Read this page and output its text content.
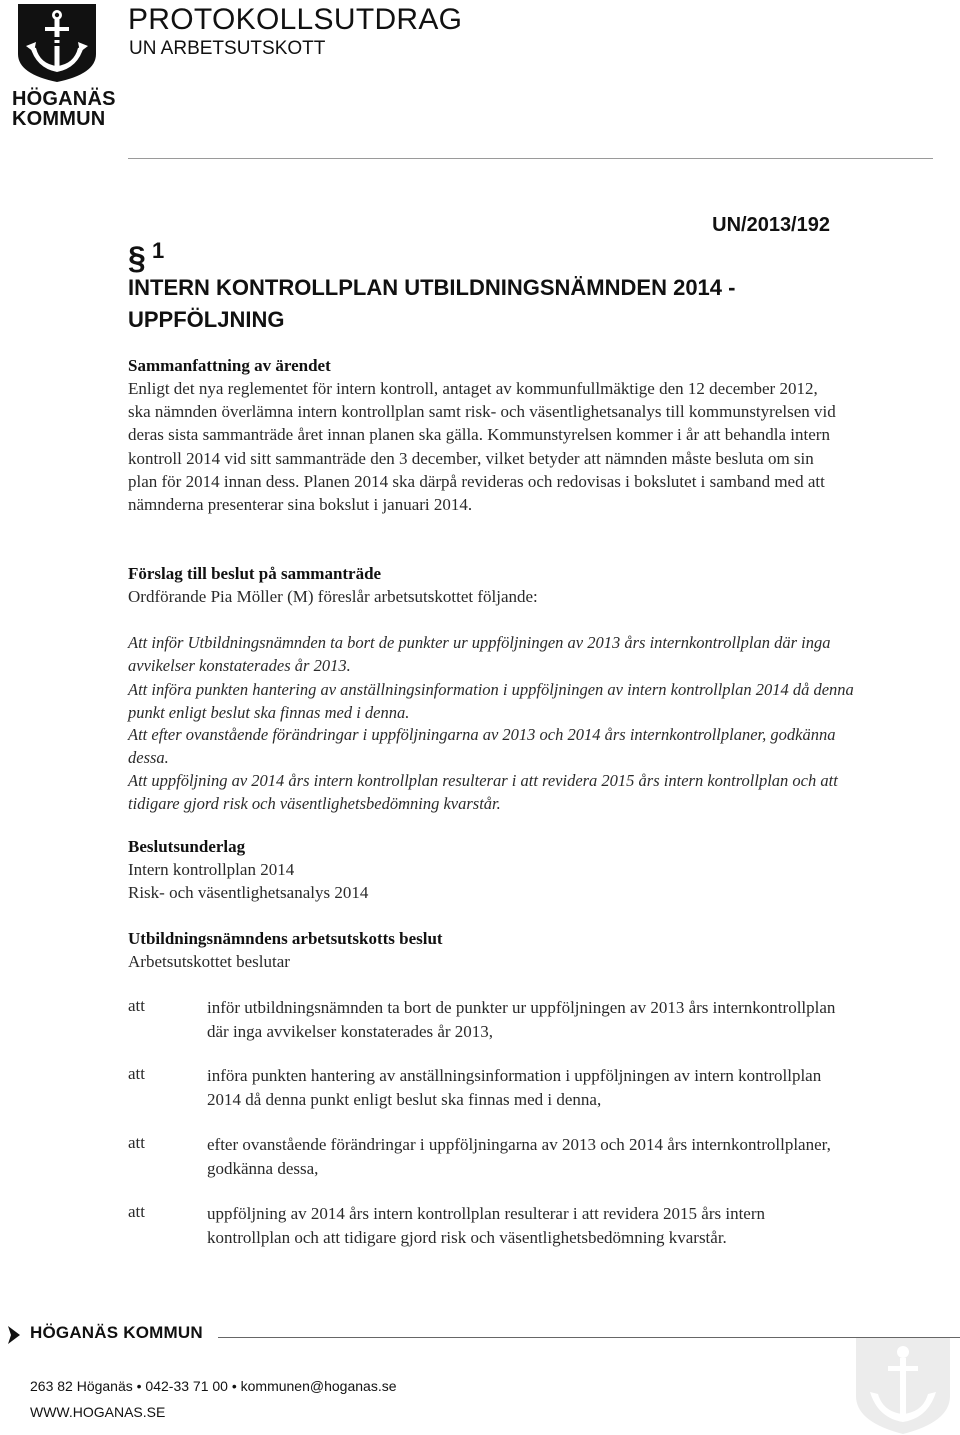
HÖGANÄS
KOMMUN
PROTOKOLLSUTDRAG
UN ARBETSUTSKOTT
UN/2013/192
§ 1
INTERN KONTROLLPLAN UTBILDNINGSNÄMNDEN 2014 - UPPFÖLJNING
Sammanfattning av ärendet
Enligt det nya reglementet för intern kontroll, antaget av kommunfullmäktige den 12 december 2012, ska nämnden överlämna intern kontrollplan samt risk- och väsentlighetsanalys till kommunstyrelsen vid deras sista sammanträde året innan planen ska gälla. Kommunstyrelsen kommer i år att behandla intern kontroll 2014 vid sitt sammanträde den 3 december, vilket betyder att nämnden måste besluta om sin plan för 2014 innan dess. Planen 2014 ska därpå revideras och redovisas i bokslutet i samband med att nämnderna presenterar sina bokslut i januari 2014.
Förslag till beslut på sammanträde
Ordförande Pia Möller (M) föreslår arbetsutskottet följande:
Att inför Utbildningsnämnden ta bort de punkter ur uppföljningen av 2013 års internkontrollplan där inga avvikelser konstaterades år 2013.
Att införa punkten hantering av anställningsinformation i uppföljningen av intern kontrollplan 2014 då denna punkt enligt beslut ska finnas med i denna.
Att efter ovanstående förändringar i uppföljningarna av 2013 och 2014 års internkontrollplaner, godkänna dessa.
Att uppföljning av 2014 års intern kontrollplan resulterar i att revidera 2015 års intern kontrollplan och att tidigare gjord risk och väsentlighetsbedömning kvarstår.
Beslutsunderlag
Intern kontrollplan 2014
Risk- och väsentlighetsanalys 2014
Utbildningsnämndens arbetsutskotts beslut
Arbetsutskottet beslutar
att	inför utbildningsnämnden ta bort de punkter ur uppföljningen av 2013 års internkontrollplan där inga avvikelser konstaterades år 2013,
att	införa punkten hantering av anställningsinformation i uppföljningen av intern kontrollplan 2014 då denna punkt enligt beslut ska finnas med i denna,
att	efter ovanstående förändringar i uppföljningarna av 2013 och 2014 års internkontrollplaner, godkänna dessa,
att	uppföljning av 2014 års intern kontrollplan resulterar i att revidera 2015 års intern kontrollplan och att tidigare gjord risk och väsentlighetsbedömning kvarstår.
HÖGANÄS KOMMUN
263 82 Höganäs • 042-33 71 00 • kommunen@hoganas.se
WWW.HOGANAS.SE
